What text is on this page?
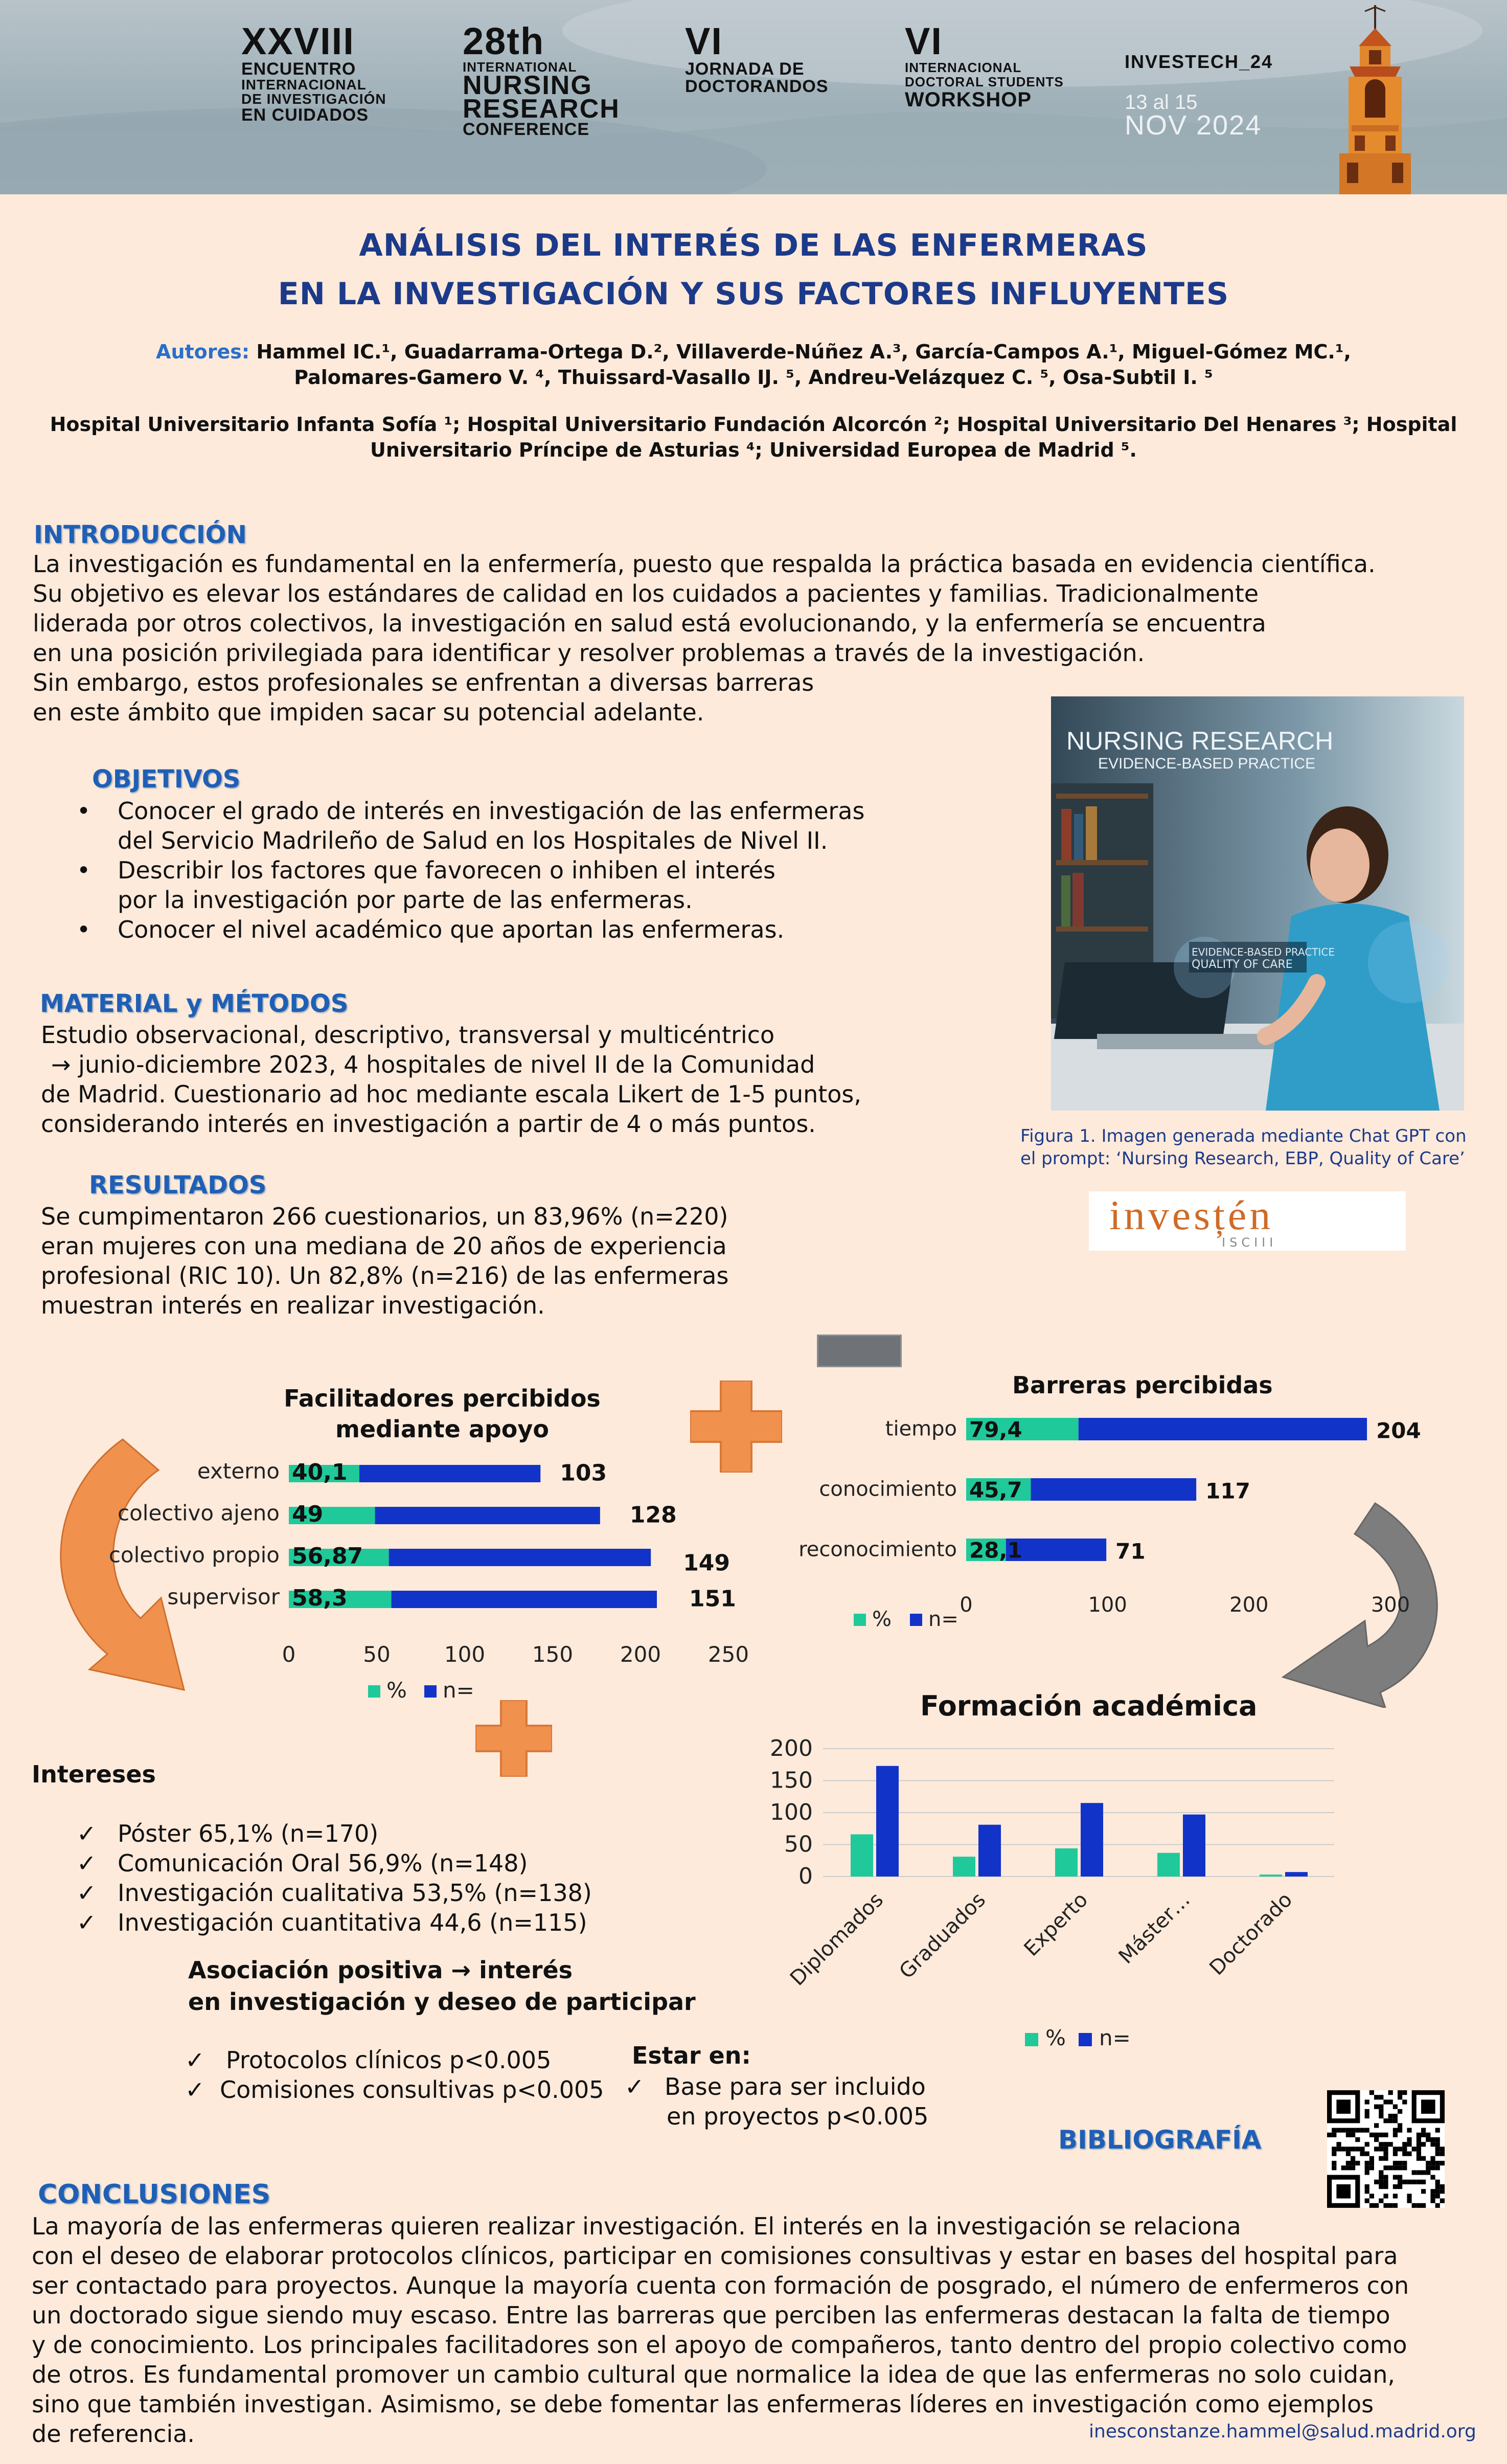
XXVIII
ENCUENTRO
INTERNACIONAL
DE INVESTIGACIÓN
EN CUIDADOS
28th
INTERNATIONAL
NURSING
RESEARCH
CONFERENCE
VI
JORNADA DE
DOCTORANDOS
VI
INTERNACIONAL
DOCTORAL STUDENTS
WORKSHOP
INVESTECH_24
13 al 15
NOV 2024
ANÁLISIS DEL INTERÉS DE LAS ENFERMERAS
EN LA INVESTIGACIÓN Y SUS FACTORES INFLUYENTES
Autores: Hammel IC.¹, Guadarrama-Ortega D.², Villaverde-Núñez A.³, García-Campos A.¹, Miguel-Gómez MC.¹,
Palomares-Gamero V. ⁴, Thuissard-Vasallo IJ. ⁵, Andreu-Velázquez C. ⁵, Osa-Subtil I. ⁵
Hospital Universitario Infanta Sofía ¹; Hospital Universitario Fundación Alcorcón ²; Hospital Universitario Del Henares ³; Hospital
Universitario Príncipe de Asturias ⁴; Universidad Europea de Madrid ⁵.
INTRODUCCIÓN
La investigación es fundamental en la enfermería, puesto que respalda la práctica basada en evidencia científica.
Su objetivo es elevar los estándares de calidad en los cuidados a pacientes y familias. Tradicionalmente
liderada por otros colectivos, la investigación en salud está evolucionando, y la enfermería se encuentra
en una posición privilegiada para identificar y resolver problemas a través de la investigación.
Sin embargo, estos profesionales se enfrentan a diversas barreras
en este ámbito que impiden sacar su potencial adelante.
OBJETIVOS
•	Conocer el grado de interés en investigación de las enfermeras
del Servicio Madrileño de Salud en los Hospitales de Nivel II.
•	Describir los factores que favorecen o inhiben el interés
por la investigación por parte de las enfermeras.
•	Conocer el nivel académico que aportan las enfermeras.
MATERIAL y MÉTODOS
Estudio observacional, descriptivo, transversal y multicéntrico
→ junio-diciembre 2023, 4 hospitales de nivel II de la Comunidad
de Madrid. Cuestionario ad hoc mediante escala Likert de 1-5 puntos,
considerando interés en investigación a partir de 4 o más puntos.
RESULTADOS
Se cumpimentaron 266 cuestionarios, un 83,96% (n=220)
eran mujeres con una mediana de 20 años de experiencia
profesional (RIC 10). Un 82,8% (n=216) de las enfermeras
muestran interés en realizar investigación.
NURSING RESEARCH
EVIDENCE-BASED PRACTICE
EVIDENCE-BASED PRACTICE
QUALITY OF CARE
Figura 1. Imagen generada mediante Chat GPT con
el prompt: ‘Nursing Research, EBP, Quality of Care’
invesțén
ISCIII
Facilitadores percibidos
mediante apoyo
externo 40,1	103
colectivo ajeno 49	128
colectivo propio 56,87	149
supervisor 58,3	151
0	50	100 150 200 250
% n=
Barreras percibidas
tiempo 79,4	204
conocimiento 45,7	117
reconocimiento 28,1	71
0	100	200	300
% n=
Formación académica
0
50
100
150
200
Diplomados Graduados Experto Máster… Doctorado
% n=
Intereses
✓ Póster 65,1% (n=170)
✓ Comunicación Oral 56,9% (n=148)
✓ Investigación cualitativa 53,5% (n=138)
✓ Investigación cuantitativa 44,6 (n=115)
Asociación positiva → interés
en investigación y deseo de participar
✓ Protocolos clínicos p<0.005
✓ Comisiones consultivas p<0.005
Estar en:
✓ Base para ser incluido
en proyectos p<0.005
BIBLIOGRAFÍA
CONCLUSIONES
La mayoría de las enfermeras quieren realizar investigación. El interés en la investigación se relaciona
con el deseo de elaborar protocolos clínicos, participar en comisiones consultivas y estar en bases del hospital para
ser contactado para proyectos. Aunque la mayoría cuenta con formación de posgrado, el número de enfermeros con
un doctorado sigue siendo muy escaso. Entre las barreras que perciben las enfermeras destacan la falta de tiempo
y de conocimiento. Los principales facilitadores son el apoyo de compañeros, tanto dentro del propio colectivo como
de otros. Es fundamental promover un cambio cultural que normalice la idea de que las enfermeras no solo cuidan,
sino que también investigan. Asimismo, se debe fomentar las enfermeras líderes en investigación como ejemplos
de referencia.	inesconstanze.hammel@salud.madrid.org
